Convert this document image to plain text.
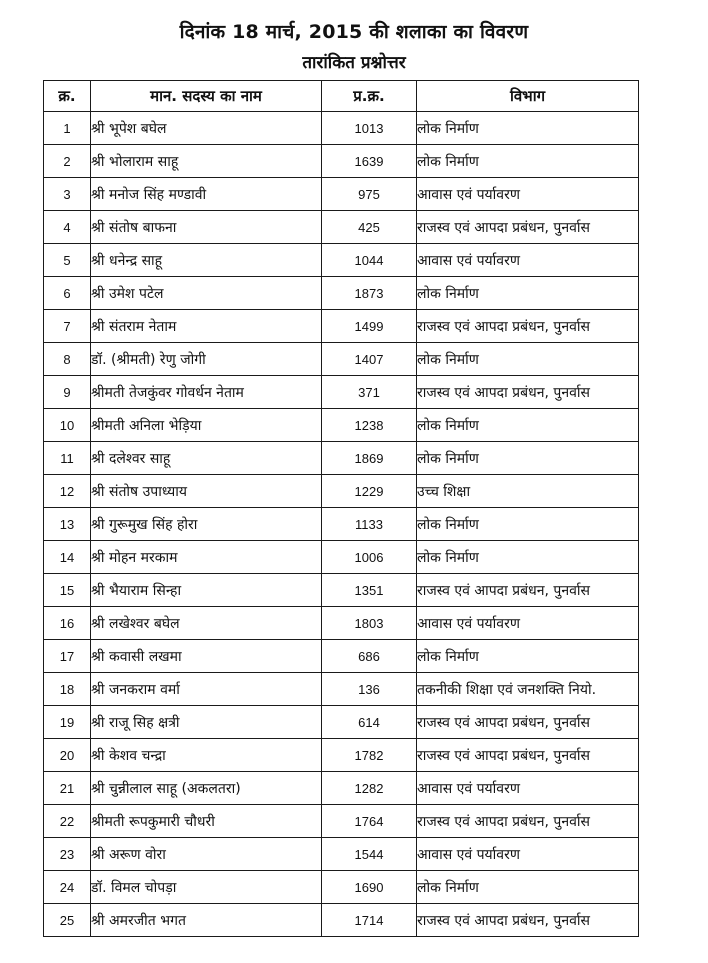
दिनांक 18 मार्च, 2015 की शलाका का विवरण
तारांकित प्रश्नोत्तर
क्र.	मान. सदस्य का नाम	प्र.क्र.	विभाग
1	श्री भूपेश बघेल	1013	लोक निर्माण
2	श्री भोलाराम साहू	1639	लोक निर्माण
3	श्री मनोज सिंह मण्डावी	975	आवास एवं पर्यावरण
4	श्री संतोष बाफना	425	राजस्व एवं आपदा प्रबंधन, पुनर्वास
5	श्री धनेन्द्र साहू	1044	आवास एवं पर्यावरण
6	श्री उमेश पटेल	1873	लोक निर्माण
7	श्री संतराम नेताम	1499	राजस्व एवं आपदा प्रबंधन, पुनर्वास
8	डॉ. (श्रीमती) रेणु जोगी	1407	लोक निर्माण
9	श्रीमती तेजकुंवर गोवर्धन नेताम	371	राजस्व एवं आपदा प्रबंधन, पुनर्वास
10	श्रीमती अनिला भेड़िया	1238	लोक निर्माण
11	श्री दलेश्वर साहू	1869	लोक निर्माण
12	श्री संतोष उपाध्याय	1229	उच्च शिक्षा
13	श्री गुरूमुख सिंह होरा	1133	लोक निर्माण
14	श्री मोहन मरकाम	1006	लोक निर्माण
15	श्री भैयाराम सिन्हा	1351	राजस्व एवं आपदा प्रबंधन, पुनर्वास
16	श्री लखेश्वर बघेल	1803	आवास एवं पर्यावरण
17	श्री कवासी लखमा	686	लोक निर्माण
18	श्री जनकराम वर्मा	136	तकनीकी शिक्षा एवं जनशक्ति नियो.
19	श्री राजू सिह क्षत्री	614	राजस्व एवं आपदा प्रबंधन, पुनर्वास
20	श्री केशव चन्द्रा	1782	राजस्व एवं आपदा प्रबंधन, पुनर्वास
21	श्री चुन्नीलाल साहू (अकलतरा)	1282	आवास एवं पर्यावरण
22	श्रीमती रूपकुमारी चौधरी	1764	राजस्व एवं आपदा प्रबंधन, पुनर्वास
23	श्री अरूण वोरा	1544	आवास एवं पर्यावरण
24	डॉ. विमल चोपड़ा	1690	लोक निर्माण
25	श्री अमरजीत भगत	1714	राजस्व एवं आपदा प्रबंधन, पुनर्वास
